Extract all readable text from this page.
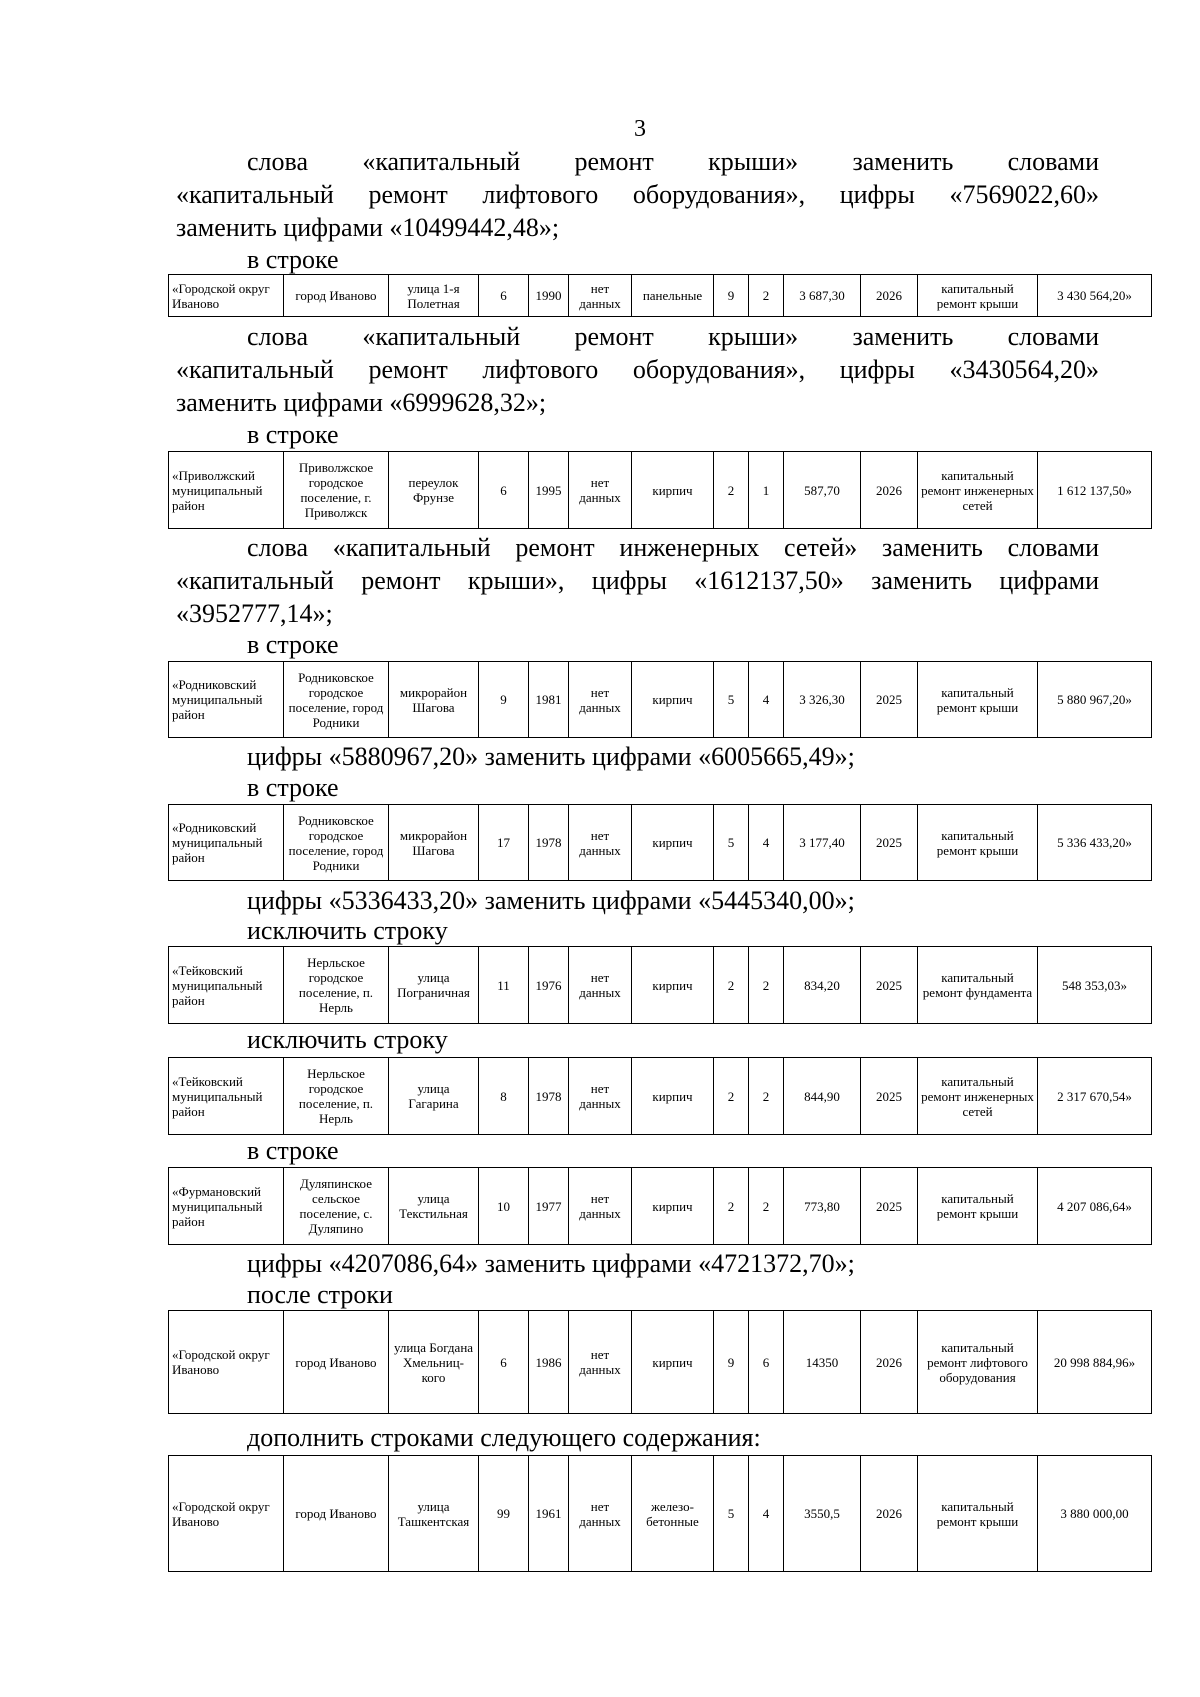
3
слова «капитальный ремонт крыши» заменить словами
«капитальный ремонт лифтового оборудования», цифры «7569022,60»
заменить цифрами «10499442,48»;
в строке
«Городской округ Иваново	город Иваново	улица 1-я Полетная	6	1990	нет данных	панельные	9	2	3 687,30	2026	капитальный ремонт крыши	3 430 564,20»
слова «капитальный ремонт крыши» заменить словами
«капитальный ремонт лифтового оборудования», цифры «3430564,20»
заменить цифрами «6999628,32»;
в строке
«Приволжский муниципальный район	Приволжское городское поселение, г. Приволжск	переулок Фрунзе	6	1995	нет данных	кирпич	2	1	587,70	2026	капитальный ремонт инженерных сетей	1 612 137,50»
слова «капитальный ремонт инженерных сетей» заменить словами
«капитальный ремонт крыши», цифры «1612137,50» заменить цифрами
«3952777,14»;
в строке
«Родниковский муниципальный район	Родниковское городское поселение, город Родники	микрорайон Шагова	9	1981	нет данных	кирпич	5	4	3 326,30	2025	капитальный ремонт крыши	5 880 967,20»
цифры «5880967,20» заменить цифрами «6005665,49»;
в строке
«Родниковский муниципальный район	Родниковское городское поселение, город Родники	микрорайон Шагова	17	1978	нет данных	кирпич	5	4	3 177,40	2025	капитальный ремонт крыши	5 336 433,20»
цифры «5336433,20» заменить цифрами «5445340,00»;
исключить строку
«Тейковский муниципальный район	Нерльское городское поселение, п. Нерль	улица Пограничная	11	1976	нет данных	кирпич	2	2	834,20	2025	капитальный ремонт фундамента	548 353,03»
исключить строку
«Тейковский муниципальный район	Нерльское городское поселение, п. Нерль	улица Гагарина	8	1978	нет данных	кирпич	2	2	844,90	2025	капитальный ремонт инженерных сетей	2 317 670,54»
в строке
«Фурмановский муниципальный район	Дуляпинское сельское поселение, с. Дуляпино	улица Текстильная	10	1977	нет данных	кирпич	2	2	773,80	2025	капитальный ремонт крыши	4 207 086,64»
цифры «4207086,64» заменить цифрами «4721372,70»;
после строки
«Городской округ Иваново	город Иваново	улица Богдана Хмельниц-кого	6	1986	нет данных	кирпич	9	6	14350	2026	капитальный ремонт лифтового оборудования	20 998 884,96»
дополнить строками следующего содержания:
«Городской округ Иваново	город Иваново	улица Ташкентская	99	1961	нет данных	железо-бетонные	5	4	3550,5	2026	капитальный ремонт крыши	3 880 000,00
